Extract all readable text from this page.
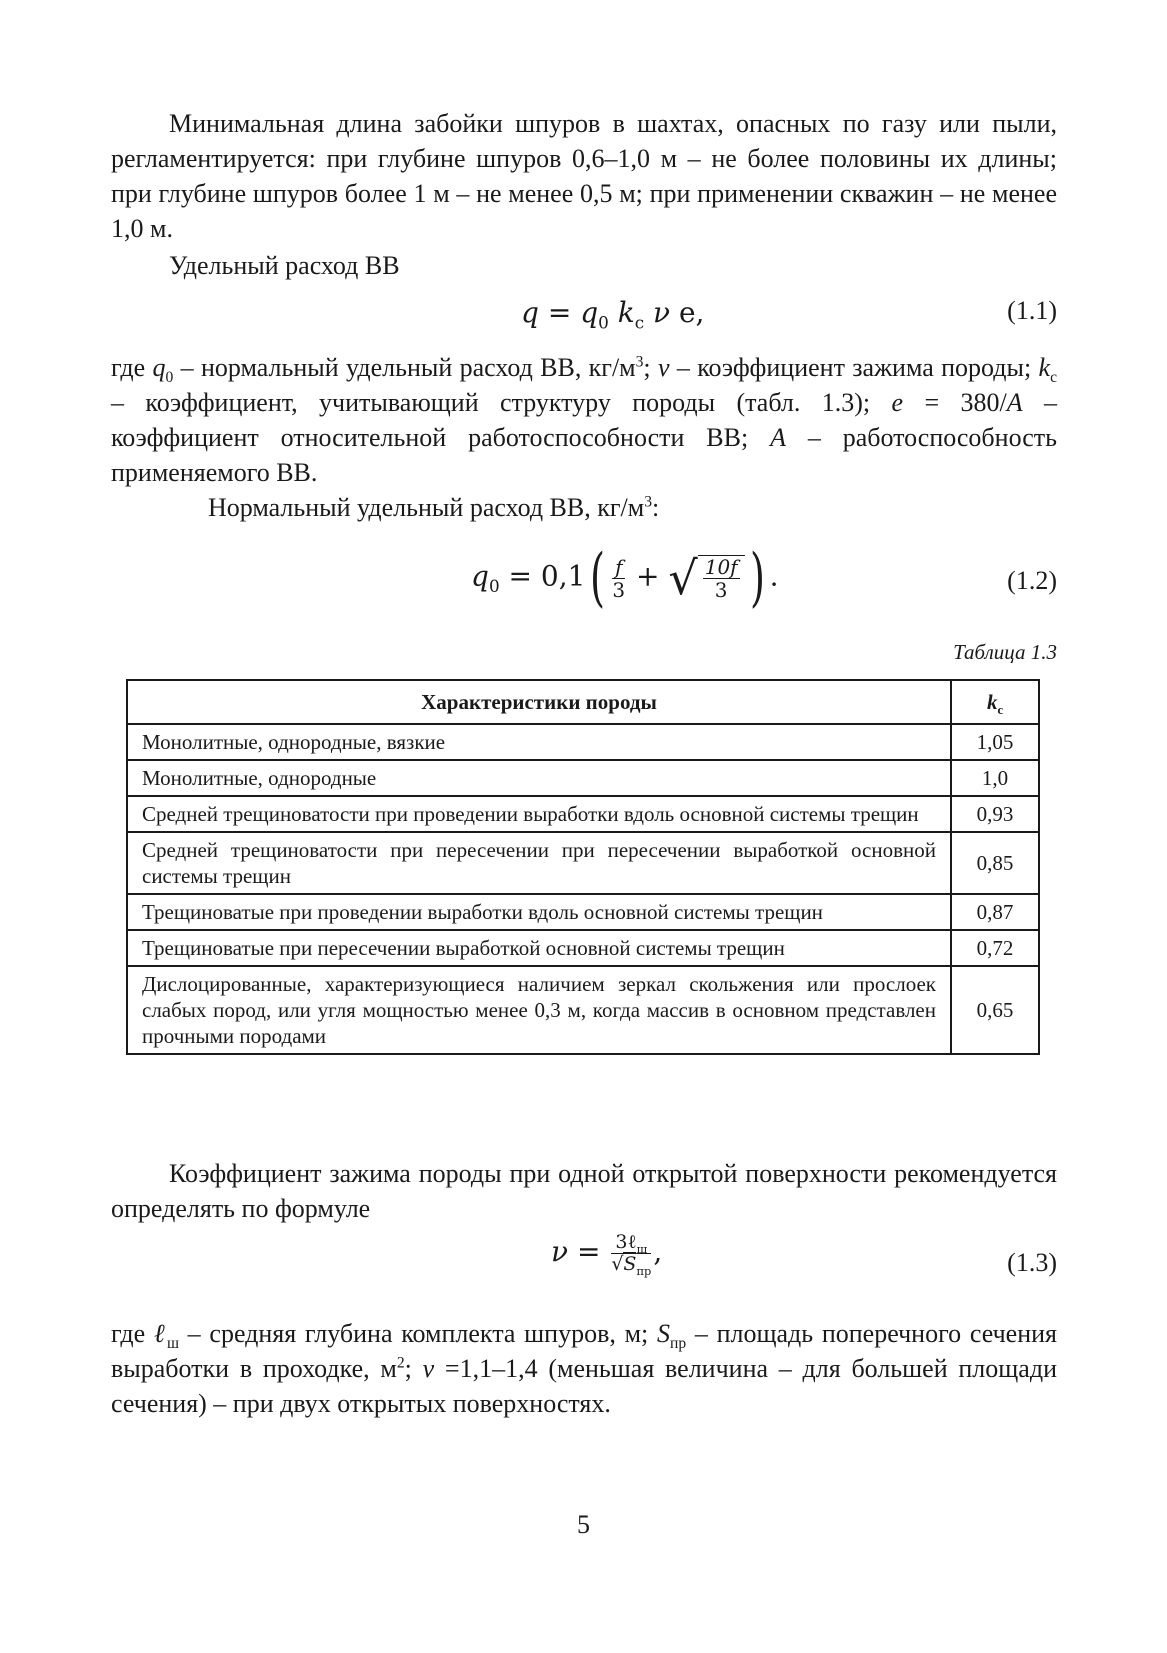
Минимальная длина забойки шпуров в шахтах, опасных по газу или пыли, регламентируется: при глубине шпуров 0,6–1,0 м – не более половины их длины; при глубине шпуров более 1 м – не менее 0,5 м; при применении скважин – не менее 1,0 м.

Удельный расход ВВ

$q = q_0$ $k_с$ ν e,	(1.1)

где $q_0$ – нормальный удельный расход ВВ, $кг/м^3$; ν – коэффициент зажима породы; $k_с$ – коэффициент, учитывающий структуру породы (табл. 1.3); e = 380/A – коэффициент относительной работоспособности ВВ; A – работоспособность применяемого ВВ.

Нормальный удельный расход ВВ, $кг/м^3$:

$q_0 = 0,1( \frac{f}{3}$ + √ $\frac{10f}{3}$ ) .	(1.2)
Таблица 1.3
Характеристики породы	$k_с$
Монолитные, однородные, вязкие	1,05
Монолитные, однородные	1,0
Средней трещиноватости при проведении выработки вдоль основной системы трещин	0,93
Средней трещиноватости при пересечении при пересечении выработкой основной системы трещин	0,85
Трещиноватые при проведении выработки вдоль основной системы трещин	0,87
Трещиноватые при пересечении выработкой основной системы трещин	0,72
Дислоцированные, характеризующиеся наличием зеркал скольжения или прослоек слабых пород, или угля мощностью менее 0,3 м, когда массив в основном представлен прочными породами	0,65

Коэффициент зажима породы при одной открытой поверхности рекомендуется определять по формуле

$\nu = \frac{3\ell_ш}{√S_{пр}}$ ,	(1.3)

где ℓ$_ш$ – средняя глубина комплекта шпуров, м; $S_{пр}$ – площадь поперечного сечения выработки в проходке, $м^2$; ν =1,1–1,4 (меньшая величина – для большей площади сечения) – при двух открытых поверхностях.

5
